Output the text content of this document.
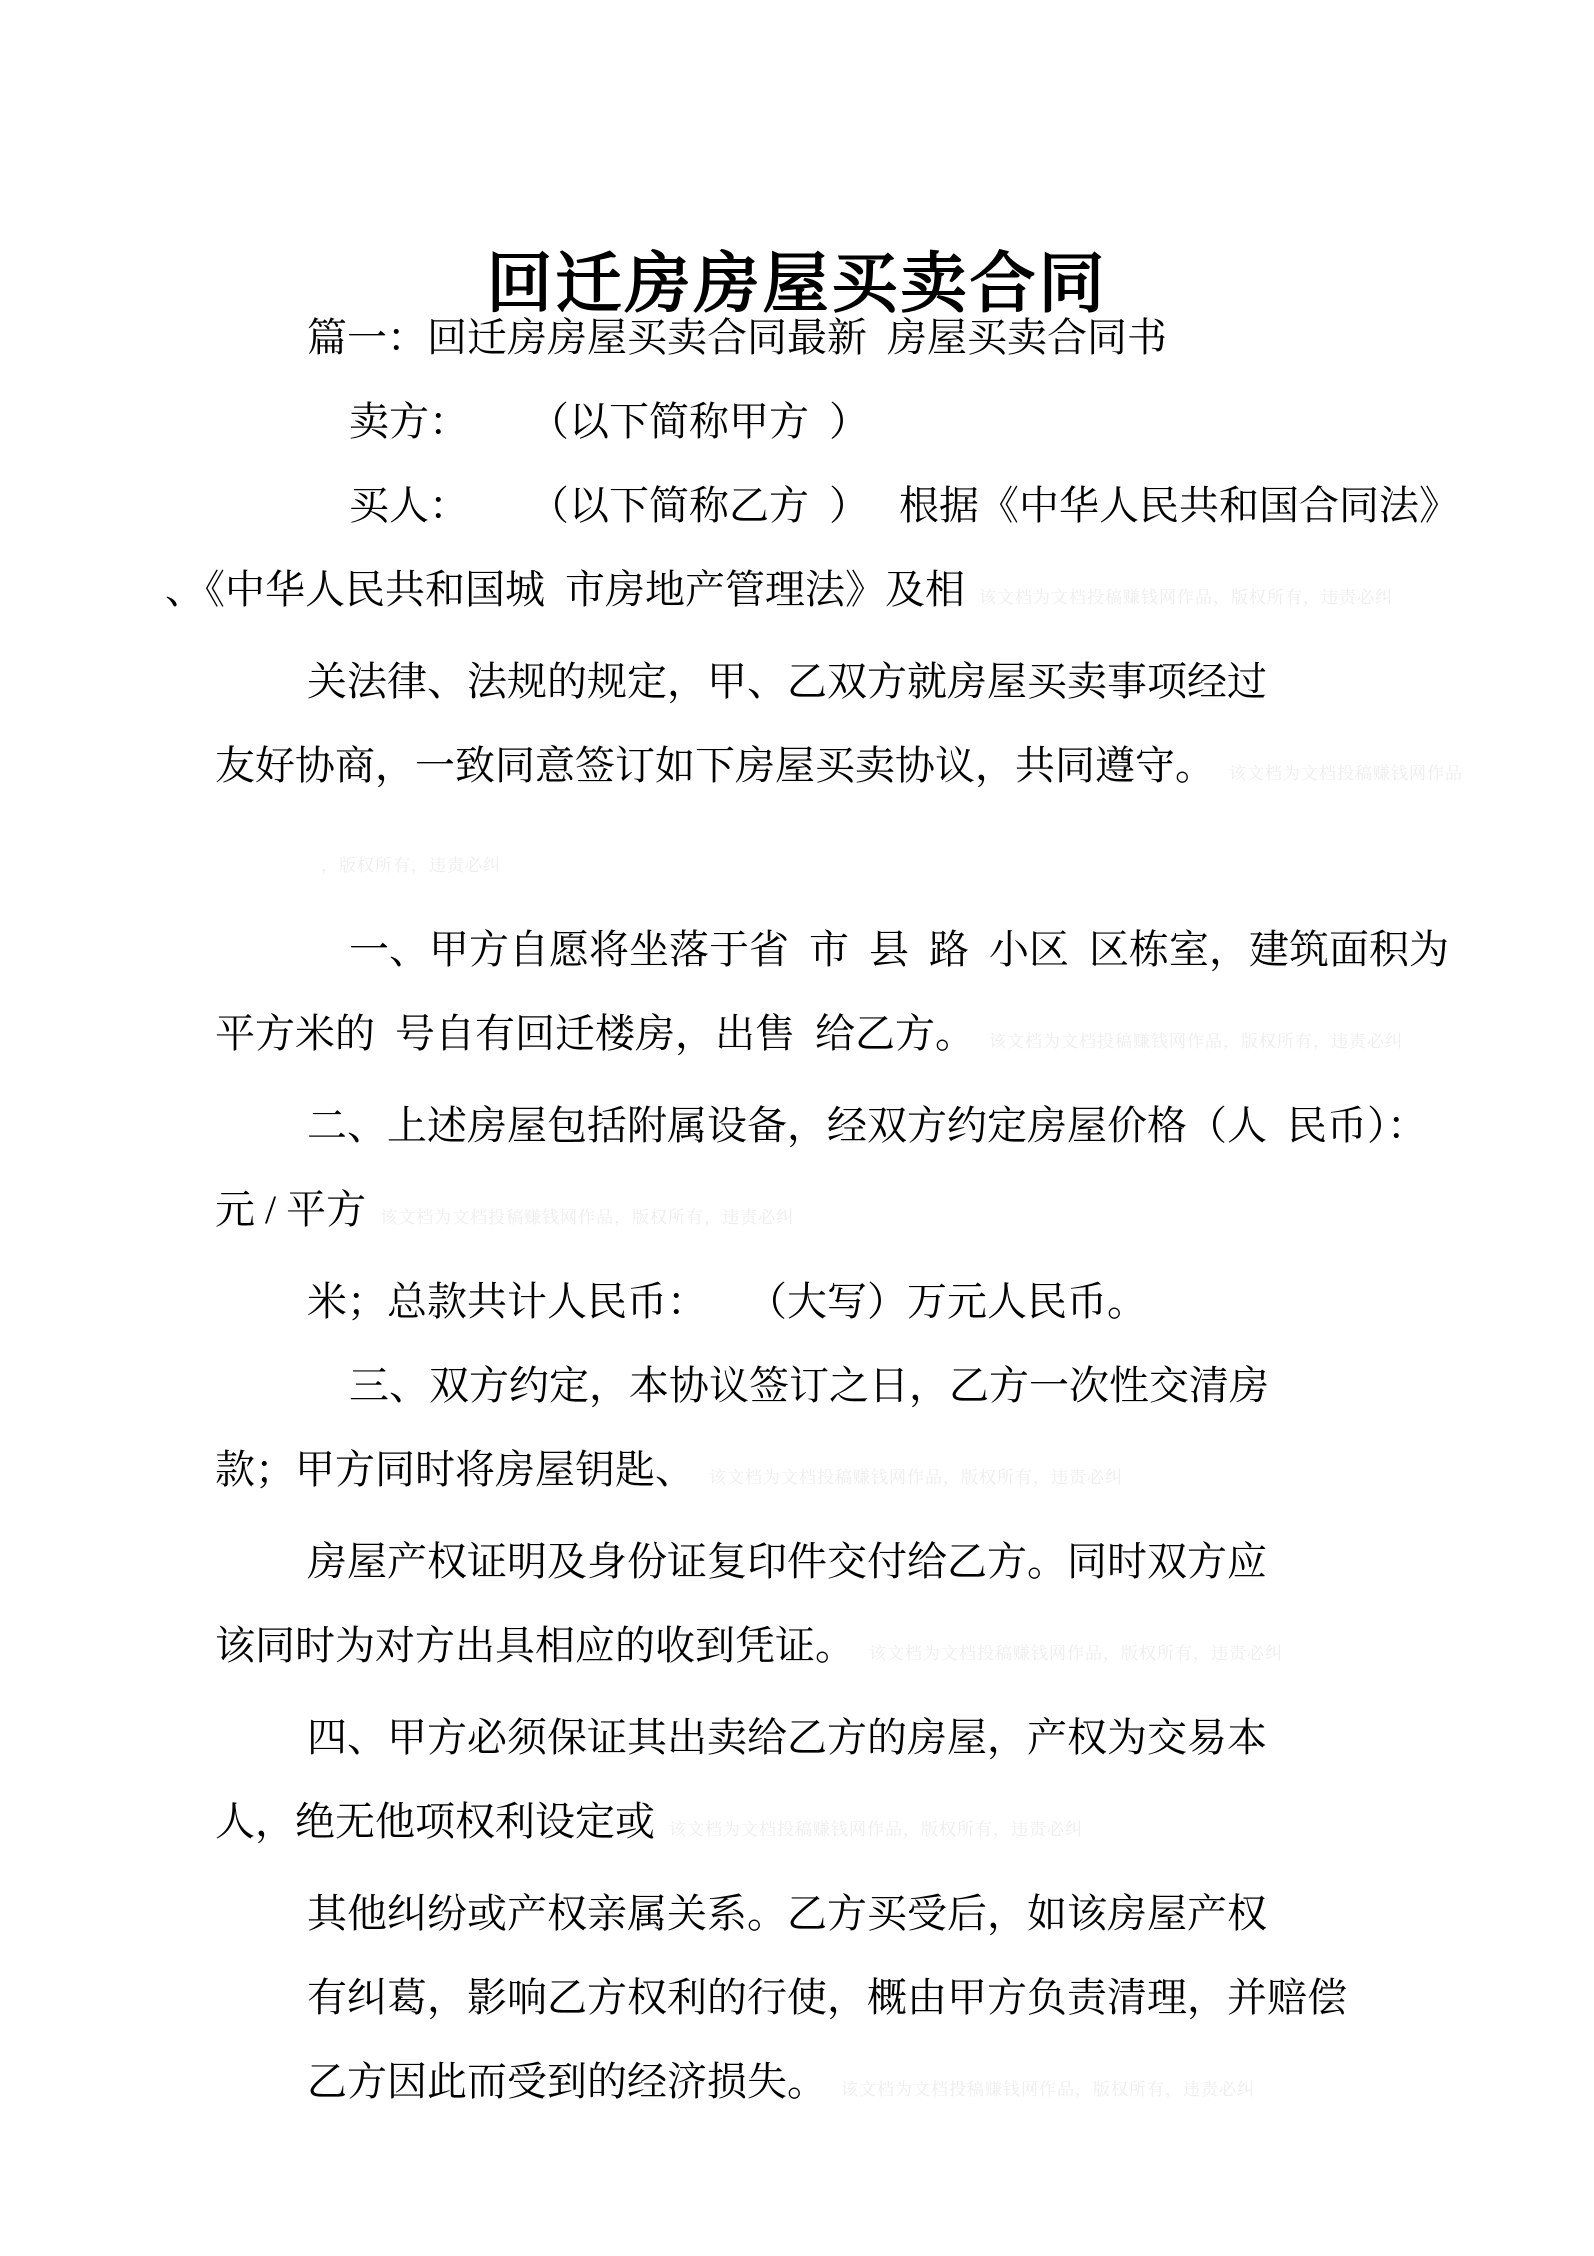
回迁房房屋买卖合同
篇一：回迁房房屋买卖合同最新  房屋买卖合同书
卖方：      （以下简称甲方  ）
买人：      （以下简称乙方  ）   根据《中华人民共和国合同法》
、《中华人民共和国城  市房地产管理法》及相 该文档为文档投稿赚钱网作品，版权所有，违责必纠
关法律、法规的规定，甲、乙双方就房屋买卖事项经过
友好协商，一致同意签订如下房屋买卖协议，共同遵守。 该文档为文档投稿赚钱网作品
，版权所有，违责必纠
一、甲方自愿将坐落于省  市  县  路  小区  区栋室，建筑面积为
平方米的  号自有回迁楼房，出售  给乙方。 该文档为文档投稿赚钱网作品，版权所有，违责必纠
二、上述房屋包括附属设备，经双方约定房屋价格（人  民币）：
元 / 平方 该文档为文档投稿赚钱网作品，版权所有，违责必纠
米；总款共计人民币：    （大写）万元人民币。
三、双方约定，本协议签订之日，乙方一次性交清房
款；甲方同时将房屋钥匙、 该文档为文档投稿赚钱网作品，版权所有，违责必纠
房屋产权证明及身份证复印件交付给乙方。同时双方应
该同时为对方出具相应的收到凭证。 该文档为文档投稿赚钱网作品，版权所有，违责必纠
四、甲方必须保证其出卖给乙方的房屋，产权为交易本
人，绝无他项权利设定或 该文档为文档投稿赚钱网作品，版权所有，违责必纠
其他纠纷或产权亲属关系。乙方买受后，如该房屋产权
有纠葛，影响乙方权利的行使，概由甲方负责清理，并赔偿
乙方因此而受到的经济损失。 该文档为文档投稿赚钱网作品，版权所有，违责必纠
